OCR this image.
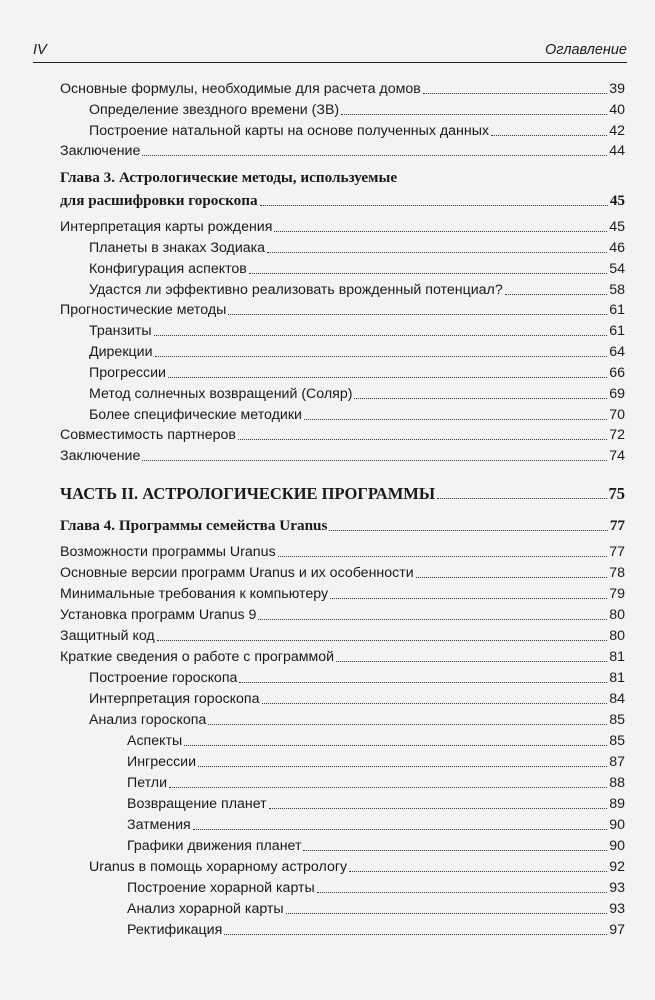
IV	Оглавление
Основные формулы, необходимые для расчета домов	39
Определение звездного времени (ЗВ)	40
Построение натальной карты на основе полученных данных	42
Заключение	44
Глава 3. Астрологические методы, используемые
для расшифровки гороскопа	45
Интерпретация карты рождения	45
Планеты в знаках Зодиака	46
Конфигурация аспектов	54
Удастся ли эффективно реализовать врожденный потенциал?	58
Прогностические методы	61
Транзиты	61
Дирекции	64
Прогрессии	66
Метод солнечных возвращений (Соляр)	69
Более специфические методики	70
Совместимость партнеров	72
Заключение	74
ЧАСТЬ II. АСТРОЛОГИЧЕСКИЕ ПРОГРАММЫ	75
Глава 4. Программы семейства Uranus	77
Возможности программы Uranus	77
Основные версии программ Uranus и их особенности	78
Минимальные требования к компьютеру	79
Установка программ Uranus 9	80
Защитный код	80
Краткие сведения о работе с программой	81
Построение гороскопа	81
Интерпретация гороскопа	84
Анализ гороскопа	85
Аспекты	85
Ингрессии	87
Петли	88
Возвращение планет	89
Затмения	90
Графики движения планет	90
Uranus в помощь хорарному астрологу	92
Построение хорарной карты	93
Анализ хорарной карты	93
Ректификация	97
